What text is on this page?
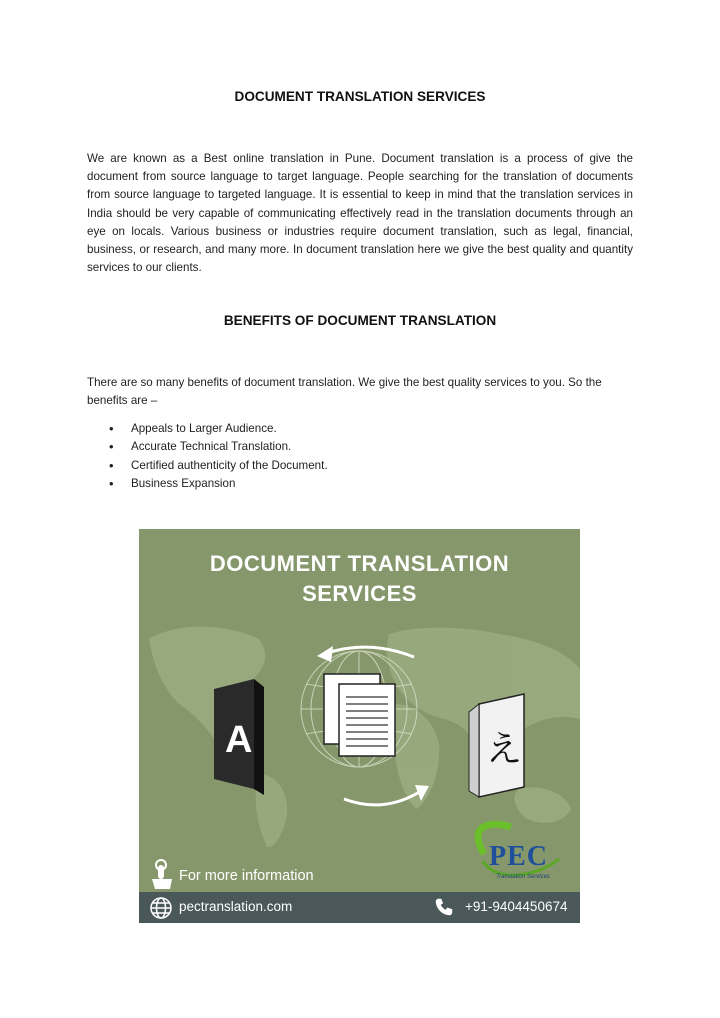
DOCUMENT TRANSLATION SERVICES

We are known as a Best online translation in Pune. Document translation is a process of give the document from source language to target language. People searching for the translation of documents from source language to targeted language. It is essential to keep in mind that the translation services in India should be very capable of communicating effectively read in the translation documents through an eye on locals. Various business or industries require document translation, such as legal, financial, business, or research, and many more. In document translation here we give the best quality and quantity services to our clients.

BENEFITS OF DOCUMENT TRANSLATION

There are so many benefits of document translation. We give the best quality services to you. So the benefits are –

• Appeals to Larger Audience.
• Accurate Technical Translation.
• Certified authenticity of the Document.
• Business Expansion
DOCUMENT TRANSLATION
SERVICES
A	え
PEC
Translation Services
For more information
pectranslation.com	+91-9404450674
